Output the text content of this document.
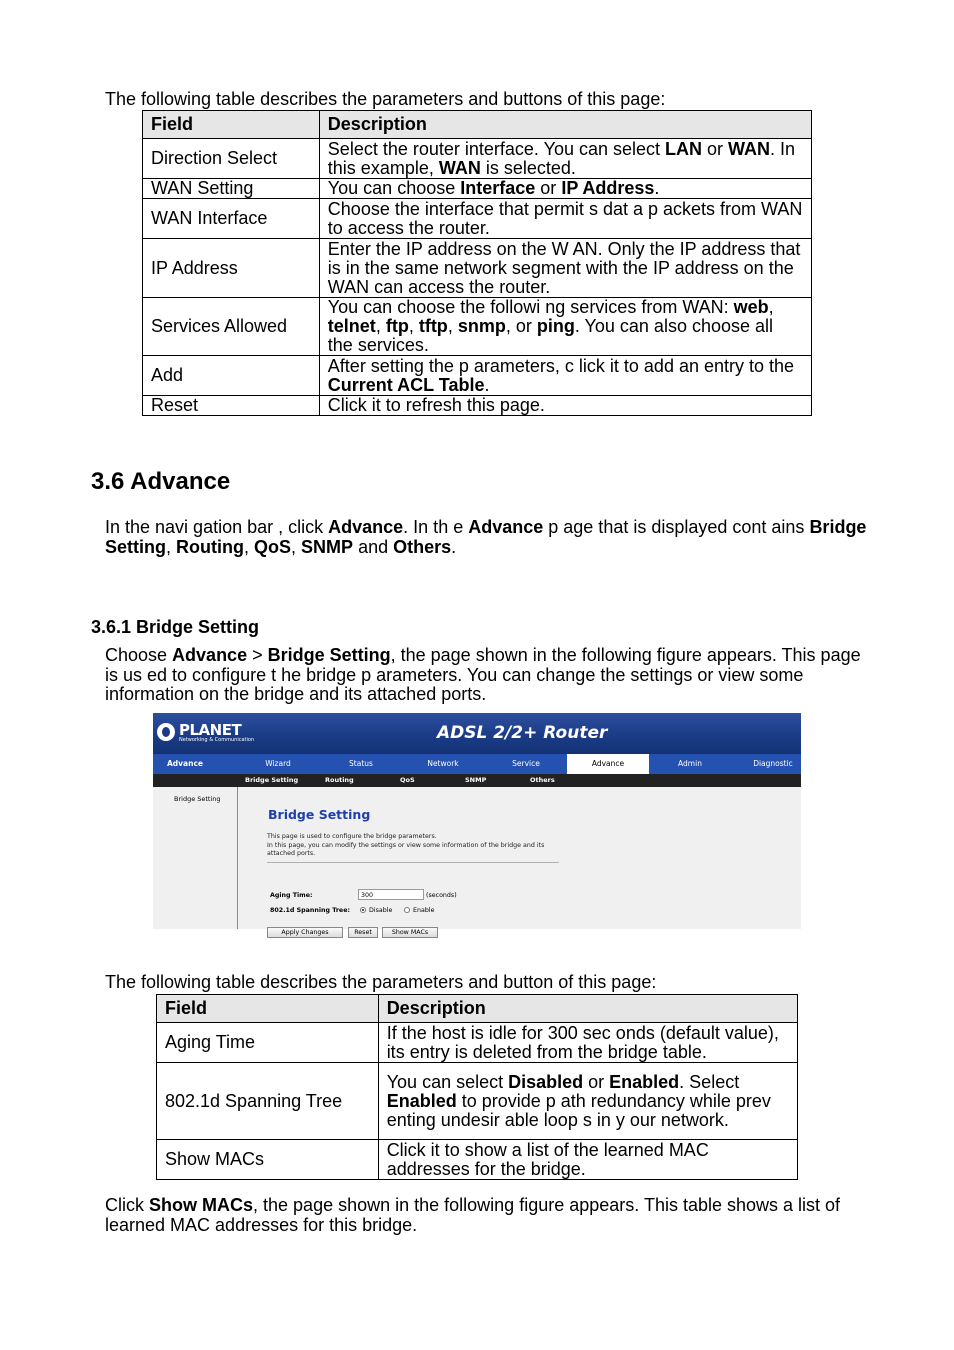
The following table describes the parameters and buttons of this page:
Field	Description
Direction Select	Select the router interface. You can select LAN or WAN. In this example, WAN is selected.
WAN Setting	You can choose Interface or IP Address.
WAN Interface	Choose the interface that permit s dat a p ackets from WAN to access the router.
IP Address	Enter the IP address on the W AN. Only the IP address that is in the same network segment with the IP address on the WAN can access the router.
Services Allowed	You can choose the followi ng services from WAN: web, telnet, ftp, tftp, snmp, or ping. You can also choose all the services.
Add	After setting the p arameters, c lick it to add an entry to the Current ACL Table.
Reset	Click it to refresh this page.
3.6 Advance
In the navi gation bar , click Advance. In th e Advance p age that is displayed cont ains Bridge Setting, Routing, QoS, SNMP and Others.
3.6.1 Bridge Setting
Choose Advance > Bridge Setting, the page shown in the following figure appears. This page is us ed to configure t he bridge p arameters. You can change the settings or view some information on the bridge and its attached ports.
PLANET
Networking & Communication	ADSL 2/2+ Router
Advance	Wizard	Status	Network	Service	Advance	Admin	Diagnostic
Bridge Setting	Routing	QoS	SNMP	Others
Bridge Setting
Bridge Setting
This page is used to configure the bridge parameters.
In this page, you can modify the settings or view some information of the bridge and its attached ports.
Aging Time:	300	(seconds)
802.1d Spanning Tree:	Disable	Enable
Apply Changes	Reset	Show MACs
The following table describes the parameters and button of this page:
Field	Description
Aging Time	If the host is idle for 300 sec onds (default value), its entry is deleted from the bridge table.
802.1d Spanning Tree	You can select Disabled or Enabled. Select Enabled to provide p ath redundancy while prev enting undesir able loop s in y our network.
Show MACs	Click it to show a list of the learned MAC addresses for the bridge.
Click Show MACs, the page shown in the following figure appears. This table shows a list of learned MAC addresses for this bridge.
